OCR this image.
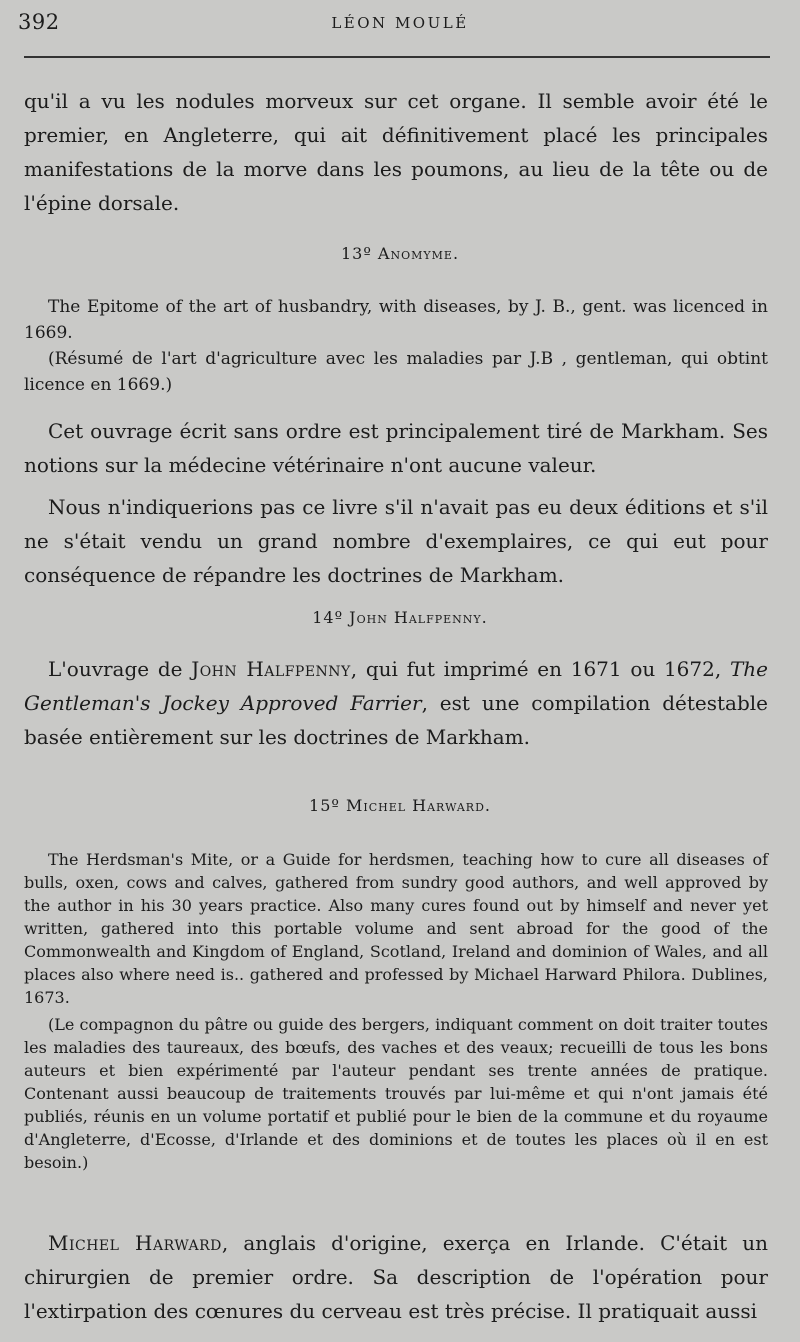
392	LÉON MOULÉ

qu'il a vu les nodules morveux sur cet organe. Il semble avoir été le premier, en Angleterre, qui ait définitivement placé les principales manifestations de la morve dans les poumons, au lieu de la tête ou de l'épine dorsale.

13º Anomyme.

The Epitome of the art of husbandry, with diseases, by J. B., gent. was licenced in 1669.

(Résumé de l'art d'agriculture avec les maladies par J.B , gentleman, qui obtint licence en 1669.)

Cet ouvrage écrit sans ordre est principalement tiré de Markham. Ses notions sur la médecine vétérinaire n'ont aucune valeur.

Nous n'indiquerions pas ce livre s'il n'avait pas eu deux éditions et s'il ne s'était vendu un grand nombre d'exemplaires, ce qui eut pour conséquence de répandre les doctrines de Markham.

14º John Halfpenny.

L'ouvrage de John Halfpenny, qui fut imprimé en 1671 ou 1672, The Gentleman's Jockey Approved Farrier, est une compilation détestable basée entièrement sur les doctrines de Markham.

15º Michel Harward.

The Herdsman's Mite, or a Guide for herdsmen, teaching how to cure all diseases of bulls, oxen, cows and calves, gathered from sundry good authors, and well approved by the author in his 30 years practice. Also many cures found out by himself and never yet written, gathered into this portable volume and sent abroad for the good of the Commonwealth and Kingdom of England, Scotland, Ireland and dominion of Wales, and all places also where need is.. gathered and professed by Michael Harward Philora. Dublines, 1673.

(Le compagnon du pâtre ou guide des bergers, indiquant comment on doit traiter toutes les maladies des taureaux, des bœufs, des vaches et des veaux; recueilli de tous les bons auteurs et bien expérimenté par l'auteur pendant ses trente années de pratique. Contenant aussi beaucoup de traitements trouvés par lui-même et qui n'ont jamais été publiés, réunis en un volume portatif et publié pour le bien de la commune et du royaume d'Angleterre, d'Ecosse, d'Irlande et des dominions et de toutes les places où il en est besoin.)

Michel Harward, anglais d'origine, exerça en Irlande. C'était un chirurgien de premier ordre. Sa description de l'opération pour l'extirpation des cœnures du cerveau est très précise. Il pratiquait aussi
